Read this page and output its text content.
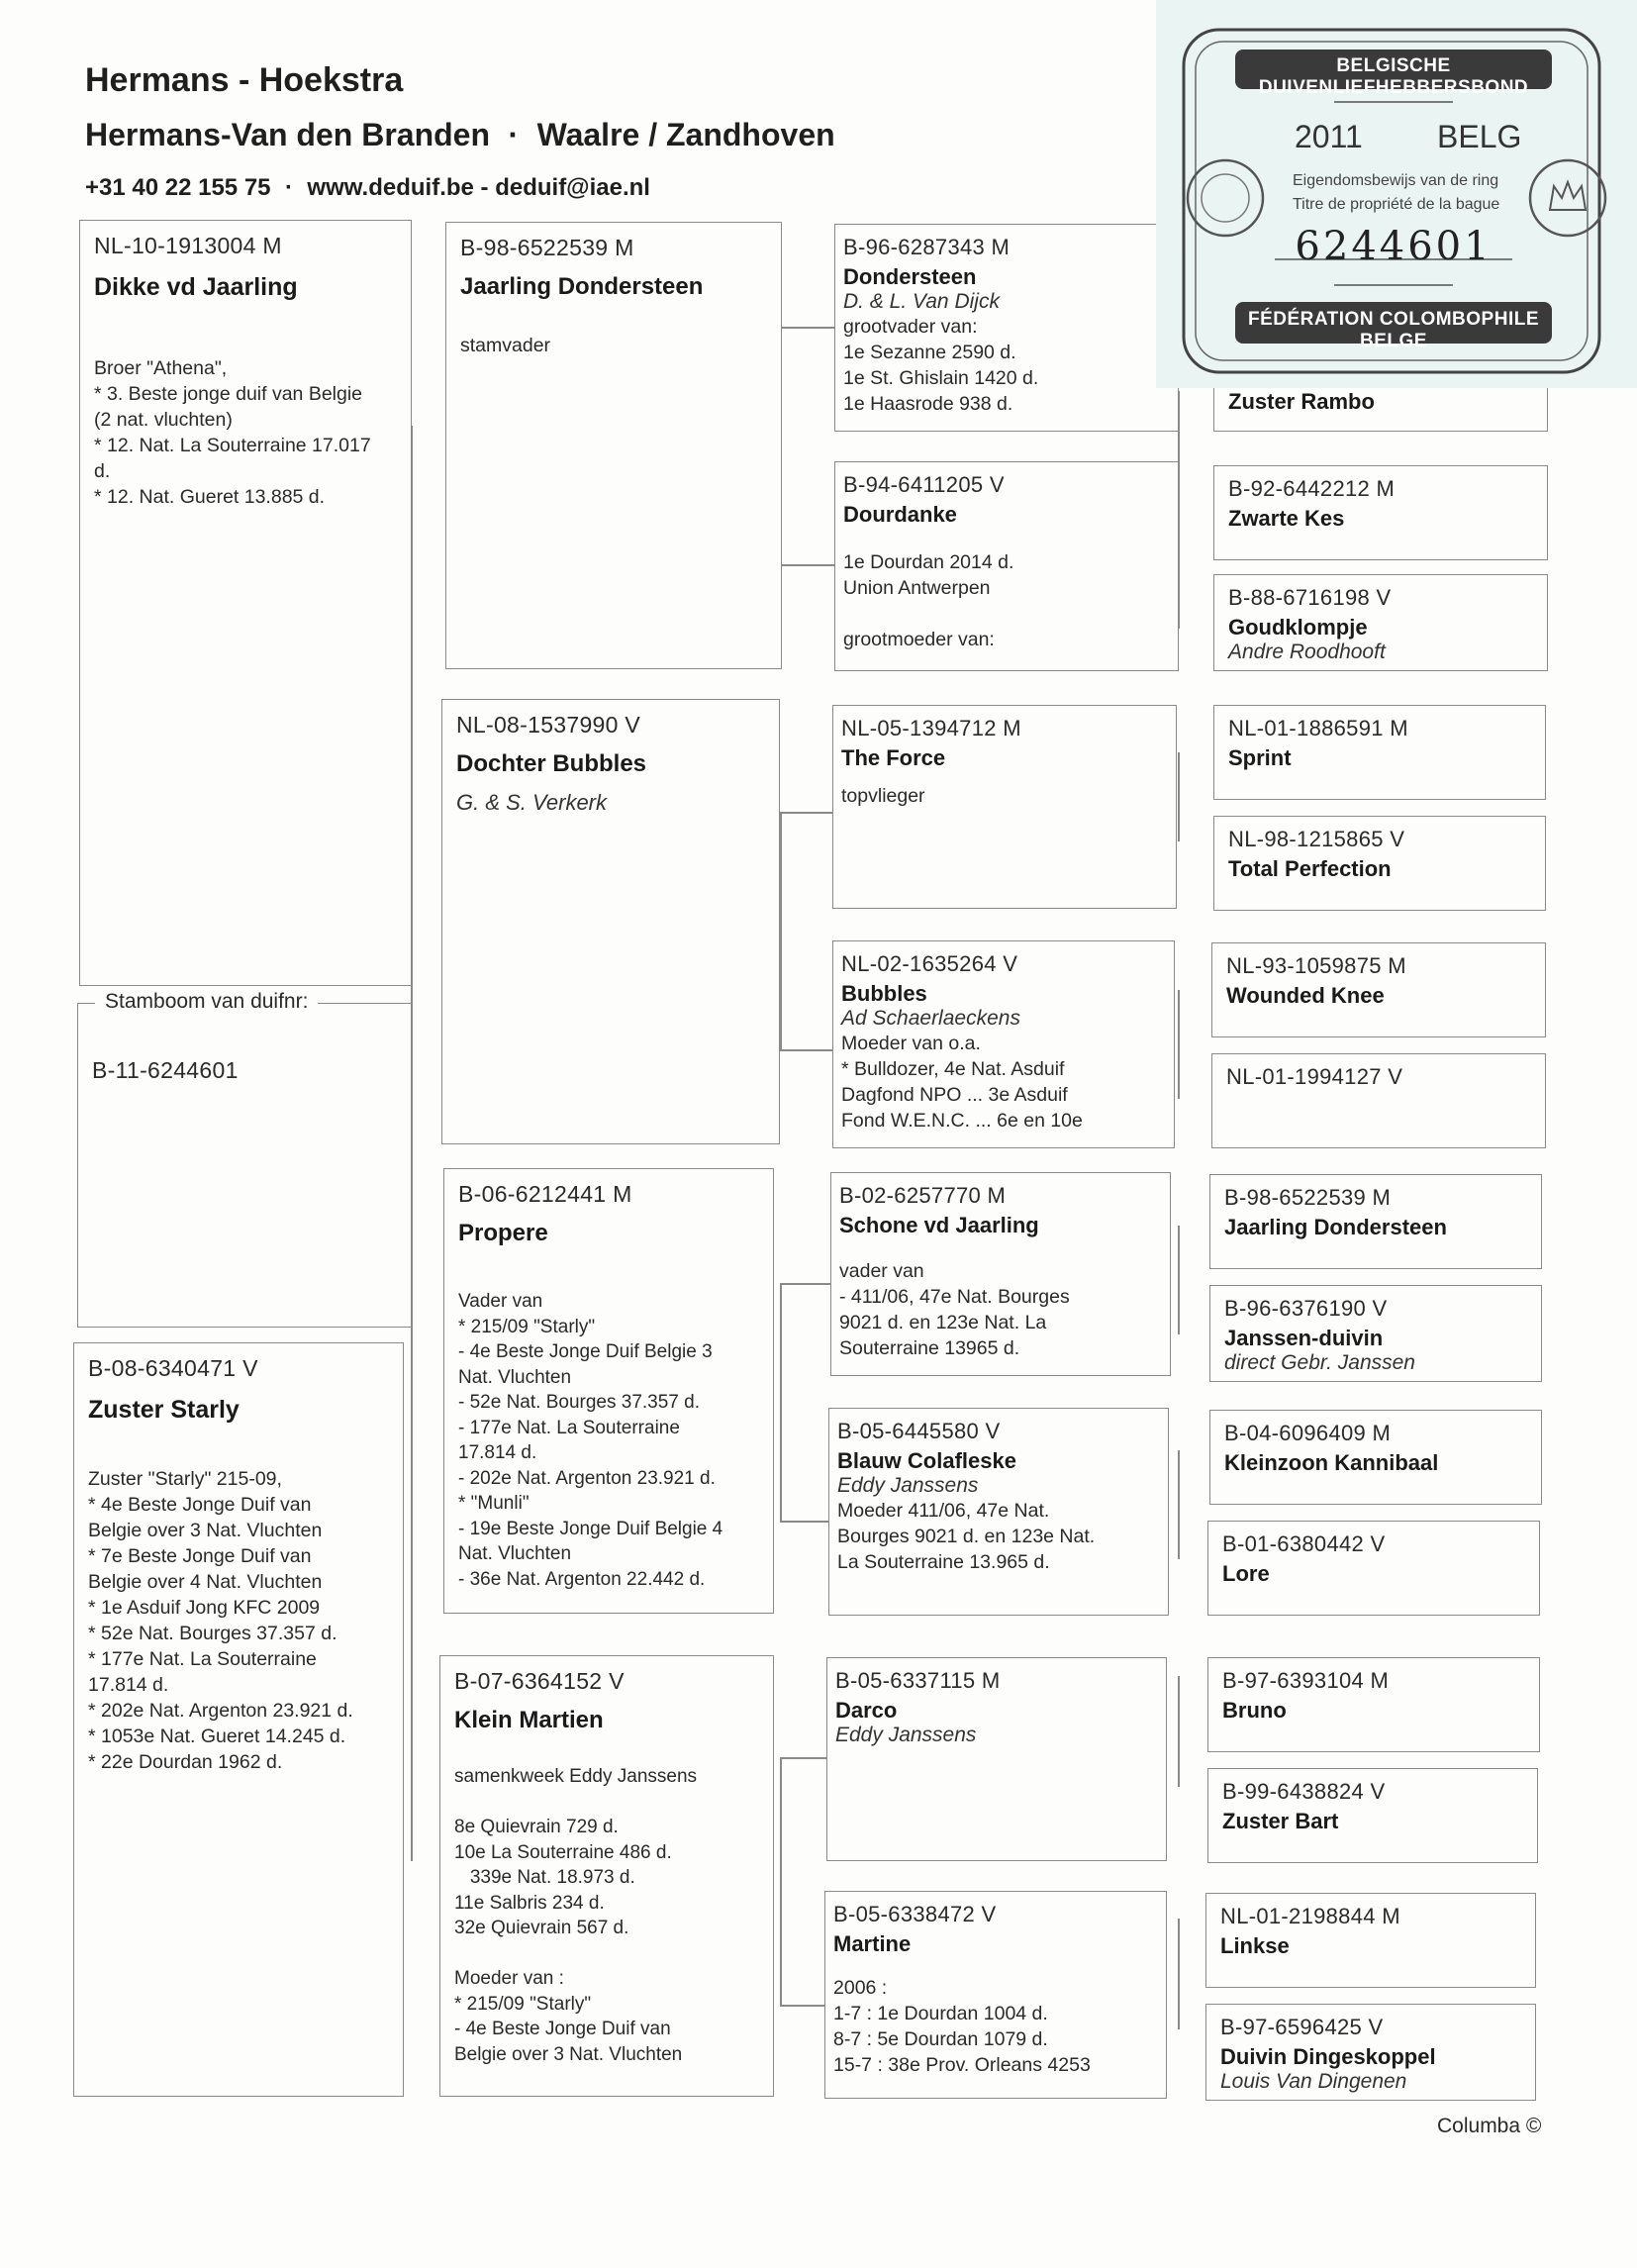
Hermans - Hoekstra
Hermans-Van den Branden · Waalre / Zandhoven
+31 40 22 155 75 · www.deduif.be - deduif@iae.nl
NL-10-1913004 M
Dikke vd Jaarling
Broer "Athena",
* 3. Beste jonge duif van Belgie
(2 nat. vluchten)
* 12. Nat. La Souterraine 17.017
d.
* 12. Nat. Gueret 13.885 d.
B-11-6244601
Stamboom van duifnr:
B-08-6340471 V
Zuster Starly
Zuster "Starly" 215-09,
* 4e Beste Jonge Duif van
Belgie over 3 Nat. Vluchten
* 7e Beste Jonge Duif van
Belgie over 4 Nat. Vluchten
* 1e Asduif Jong KFC 2009
* 52e Nat. Bourges 37.357 d.
* 177e Nat. La Souterraine
17.814 d.
* 202e Nat. Argenton 23.921 d.
* 1053e Nat. Gueret 14.245 d.
* 22e Dourdan 1962 d.
B-98-6522539 M
Jaarling Dondersteen
stamvader
NL-08-1537990 V
Dochter Bubbles
G. & S. Verkerk
B-06-6212441 M
Propere
Vader van
* 215/09 "Starly"
- 4e Beste Jonge Duif Belgie 3
Nat. Vluchten
- 52e Nat. Bourges 37.357 d.
- 177e Nat. La Souterraine
17.814 d.
- 202e Nat. Argenton 23.921 d.
* "Munli"
- 19e Beste Jonge Duif Belgie 4
Nat. Vluchten
- 36e Nat. Argenton 22.442 d.
B-07-6364152 V
Klein Martien
samenkweek Eddy Janssens

8e Quievrain 729 d.
10e La Souterraine 486 d.
339e Nat. 18.973 d.
11e Salbris 234 d.
32e Quievrain 567 d.

Moeder van :
* 215/09 "Starly"
- 4e Beste Jonge Duif van
Belgie over 3 Nat. Vluchten
B-96-6287343 M
Dondersteen
D. & L. Van Dijck
grootvader van:
1e Sezanne 2590 d.
1e St. Ghislain 1420 d.
1e Haasrode 938 d.
B-94-6411205 V
Dourdanke
1e Dourdan 2014 d.
Union Antwerpen

grootmoeder van:
NL-05-1394712 M
The Force
topvlieger
NL-02-1635264 V
Bubbles
Ad Schaerlaeckens
Moeder van o.a.
* Bulldozer, 4e Nat. Asduif
Dagfond NPO ... 3e Asduif
Fond W.E.N.C. ... 6e en 10e
B-02-6257770 M
Schone vd Jaarling
vader van
- 411/06, 47e Nat. Bourges
9021 d. en 123e Nat. La
Souterraine 13965 d.
B-05-6445580 V
Blauw Colafleske
Eddy Janssens
Moeder 411/06, 47e Nat.
Bourges 9021 d. en 123e Nat.
La Souterraine 13.965 d.
B-05-6337115 M
Darco
Eddy Janssens
B-05-6338472 V
Martine
2006 :
1-7 : 1e Dourdan 1004 d.
8-7 : 5e Dourdan 1079 d.
15-7 : 38e Prov. Orleans 4253
Zuster Rambo
B-92-6442212 M
Zwarte Kes
B-88-6716198 V
Goudklompje
Andre Roodhooft
NL-01-1886591 M
Sprint
NL-98-1215865 V
Total Perfection
NL-93-1059875 M
Wounded Knee
NL-01-1994127 V
B-98-6522539 M
Jaarling Dondersteen
B-96-6376190 V
Janssen-duivin
direct Gebr. Janssen
B-04-6096409 M
Kleinzoon Kannibaal
B-01-6380442 V
Lore
B-97-6393104 M
Bruno
B-99-6438824 V
Zuster Bart
NL-01-2198844 M
Linkse
B-97-6596425 V
Duivin Dingeskoppel
Louis Van Dingenen
BELGISCHE DUIVENLIEFHEBBERSBOND
2011 BELG
Eigendomsbewijs van de ring
Titre de propriété de la bague
6244601
FÉDÉRATION COLOMBOPHILE BELGE
Columba ©
